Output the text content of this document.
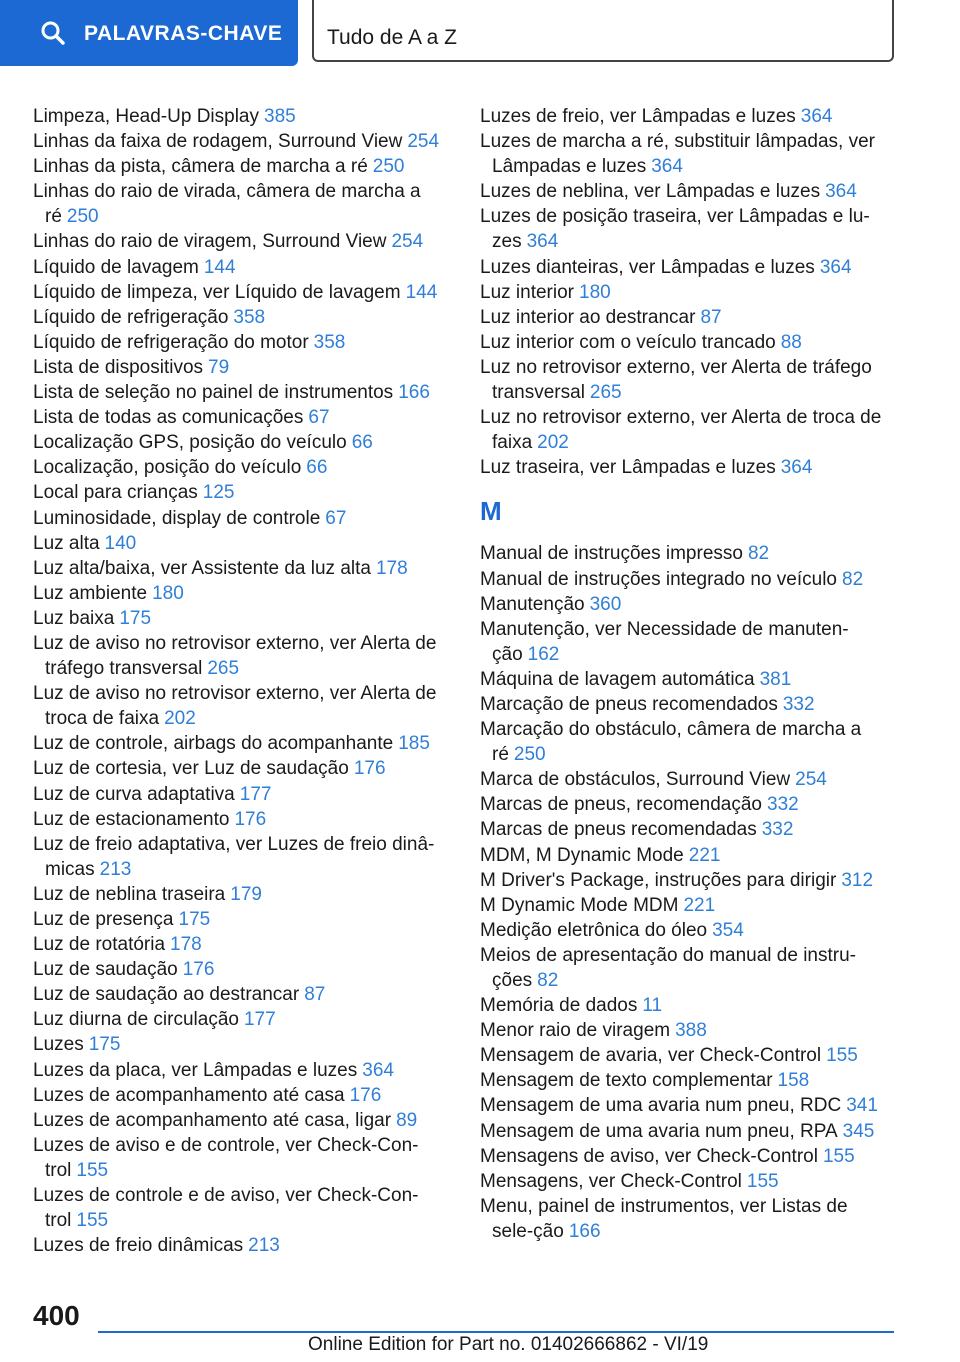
PALAVRAS-CHAVE Tudo de A a Z
Limpeza, Head-Up Display 385
Linhas da faixa de rodagem, Surround View 254
Linhas da pista, câmera de marcha a ré 250
Linhas do raio de virada, câmera de marcha a ré 250
Linhas do raio de viragem, Surround View 254
Líquido de lavagem 144
Líquido de limpeza, ver Líquido de lavagem 144
Líquido de refrigeração 358
Líquido de refrigeração do motor 358
Lista de dispositivos 79
Lista de seleção no painel de instrumentos 166
Lista de todas as comunicações 67
Localização GPS, posição do veículo 66
Localização, posição do veículo 66
Local para crianças 125
Luminosidade, display de controle 67
Luz alta 140
Luz alta/baixa, ver Assistente da luz alta 178
Luz ambiente 180
Luz baixa 175
Luz de aviso no retrovisor externo, ver Alerta de tráfego transversal 265
Luz de aviso no retrovisor externo, ver Alerta de troca de faixa 202
Luz de controle, airbags do acompanhante 185
Luz de cortesia, ver Luz de saudação 176
Luz de curva adaptativa 177
Luz de estacionamento 176
Luz de freio adaptativa, ver Luzes de freio dinâ-micas 213
Luz de neblina traseira 179
Luz de presença 175
Luz de rotatória 178
Luz de saudação 176
Luz de saudação ao destrancar 87
Luz diurna de circulação 177
Luzes 175
Luzes da placa, ver Lâmpadas e luzes 364
Luzes de acompanhamento até casa 176
Luzes de acompanhamento até casa, ligar 89
Luzes de aviso e de controle, ver Check-Con-trol 155
Luzes de controle e de aviso, ver Check-Con-trol 155
Luzes de freio dinâmicas 213
Luzes de freio, ver Lâmpadas e luzes 364
Luzes de marcha a ré, substituir lâmpadas, ver Lâmpadas e luzes 364
Luzes de neblina, ver Lâmpadas e luzes 364
Luzes de posição traseira, ver Lâmpadas e lu-zes 364
Luzes dianteiras, ver Lâmpadas e luzes 364
Luz interior 180
Luz interior ao destrancar 87
Luz interior com o veículo trancado 88
Luz no retrovisor externo, ver Alerta de tráfego transversal 265
Luz no retrovisor externo, ver Alerta de troca de faixa 202
Luz traseira, ver Lâmpadas e luzes 364
M
Manual de instruções impresso 82
Manual de instruções integrado no veículo 82
Manutenção 360
Manutenção, ver Necessidade de manuten-ção 162
Máquina de lavagem automática 381
Marcação de pneus recomendados 332
Marcação do obstáculo, câmera de marcha a ré 250
Marca de obstáculos, Surround View 254
Marcas de pneus, recomendação 332
Marcas de pneus recomendadas 332
MDM, M Dynamic Mode 221
M Driver's Package, instruções para dirigir 312
M Dynamic Mode MDM 221
Medição eletrônica do óleo 354
Meios de apresentação do manual de instru-ções 82
Memória de dados 11
Menor raio de viragem 388
Mensagem de avaria, ver Check-Control 155
Mensagem de texto complementar 158
Mensagem de uma avaria num pneu, RDC 341
Mensagem de uma avaria num pneu, RPA 345
Mensagens de aviso, ver Check-Control 155
Mensagens, ver Check-Control 155
Menu, painel de instrumentos, ver Listas de sele-ção 166
400
Online Edition for Part no. 01402666862 - VI/19
